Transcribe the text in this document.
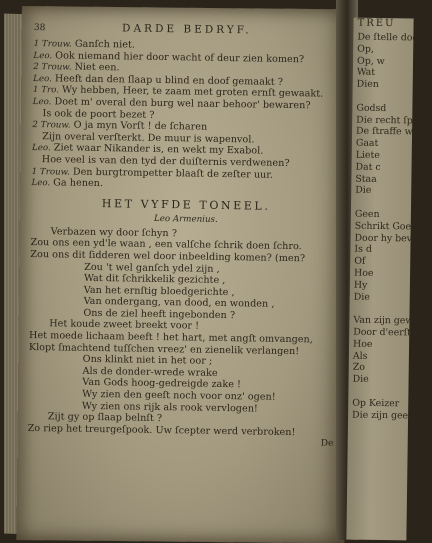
TREU
De ſtelle dood
Op,
Op, w
Wat
Dien
Godsd
Die recht ſprec
De ſtraffe wil
Gaat
Liete
Dat c
Staa
Die
Geen
Schrikt Goeden
Door hy bevo
Is d
Of
Hoe
Hy
Die
Van zijn gew
Door d'eerſt
Hoe
Als
Zo
Die
Op Keizer
Die zijn geel
38	DARDE BEDRYF.
1 Trouw. Ganſch niet.
Leo. Ook niemand hier door wacht of deur zien komen?
2 Trouw. Niet een.
Leo. Heeft dan den ſlaap u blind en doof gemaakt ?
1 Tro. Wy hebben, Heer, te zaam met groten ernſt gewaakt.
Leo. Doet m' overal den burg wel naar behoor' bewaren?
Is ook de poort bezet ?
2 Trouw. O ja myn Vorſt ! de ſcharen
Zijn overal verſterkt. De muur is wapenvol.
Leo. Ziet waar Nikander is, en wekt my Exabol.
Hoe veel is van den tyd der duiſternis verdwenen?
1 Trouw. Den burgtrompetter blaaſt de zeſter uur.
Leo. Ga henen.
HET VYFDE TONEEL.
Leo Armenius.
Verbazen wy door ſchyn ?
Zou ons een yd'le waan , een valſche ſchrik doen ſchro.
Zou ons dit ſidderen wel door inbeelding komen? (men?
Zou 't wel ganſch ydel zijn ,
Wat dit ſchrikkelik gezichte ,
Van het ernſtig bloedgerichte ,
Van ondergang, van dood, en wonden ,
Ons de ziel heeft ingebonden ?
Het koude zweet breekt voor !
Het moede lichaam beeft ! het hart, met angſt omvangen,
Klopt ſmachtend tuſſchen vreez' en zienelik verlangen!
Ons klinkt niet in het oor ;
Als de donder-wrede wrake
Van Gods hoog-gedreigde zake !
Wy zien den geeſt noch voor onz' ogen!
Wy zien ons rijk als rook vervlogen!
Zijt gy op ſlaap belnſt ?
Zo riep het treurgeſpook. Uw ſcepter werd verbroken!
De
